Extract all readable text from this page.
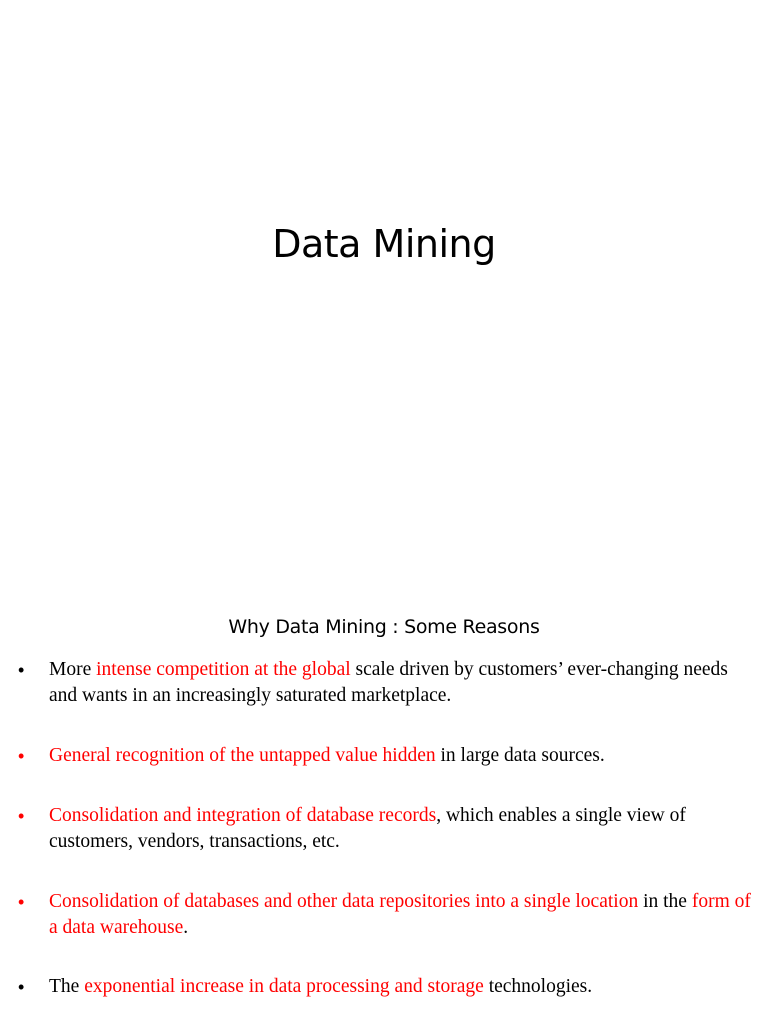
Data Mining
Why Data Mining : Some Reasons
• More intense competition at the global scale driven by customers’ ever-changing needs and wants in an increasingly saturated marketplace.
• General recognition of the untapped value hidden in large data sources.
• Consolidation and integration of database records, which enables a single view of customers, vendors, transactions, etc.
• Consolidation of databases and other data repositories into a single location in the form of a data warehouse.
• The exponential increase in data processing and storage technologies.
